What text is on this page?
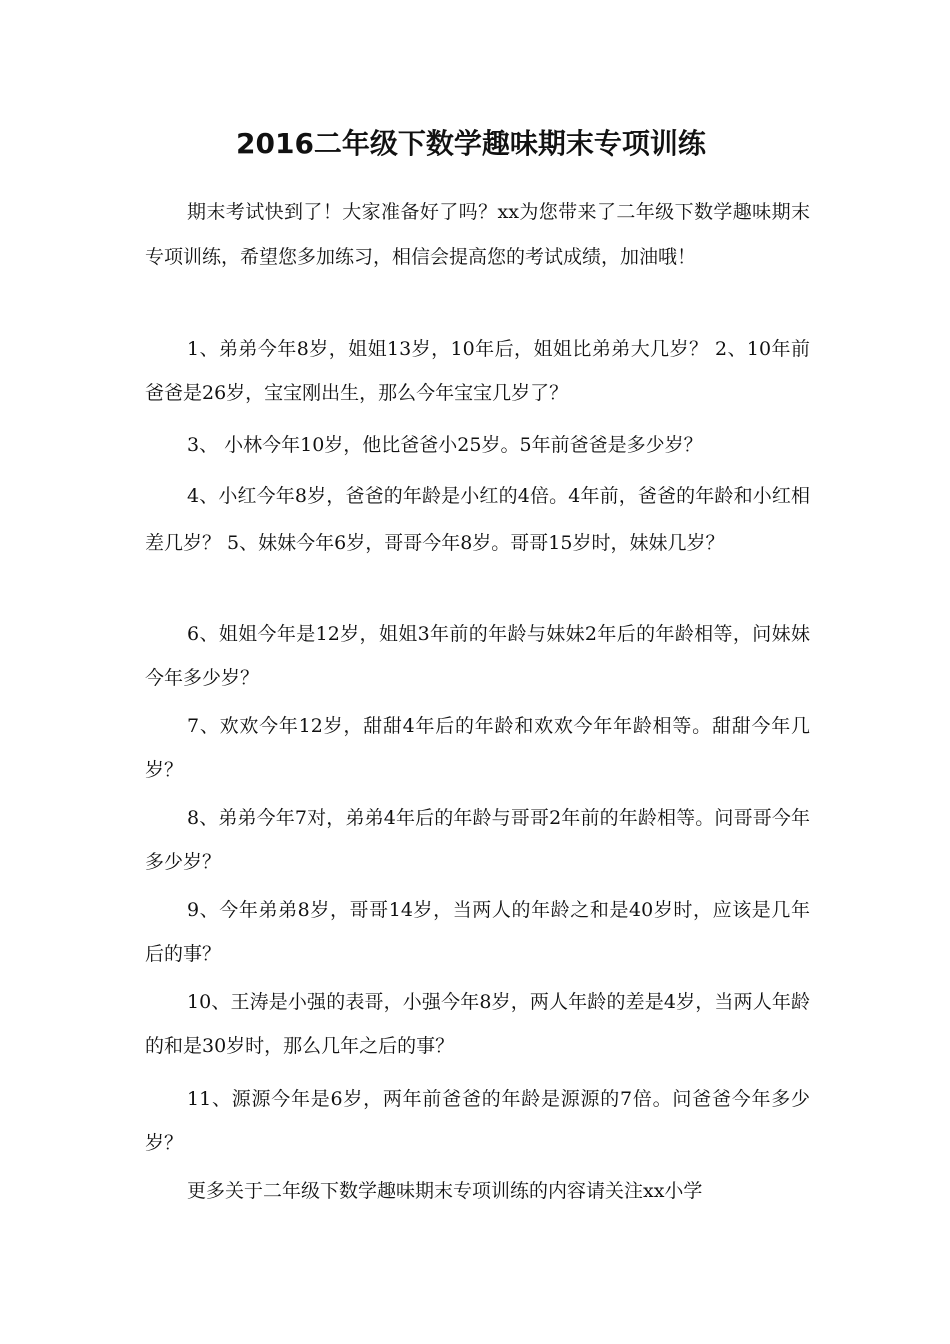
2016二年级下数学趣味期末专项训练

期末考试快到了！大家准备好了吗？xx为您带来了二年级下数学趣味期末专项训练，希望您多加练习，相信会提高您的考试成绩，加油哦！

1、弟弟今年8岁，姐姐13岁，10年后，姐姐比弟弟大几岁？ 2、10年前爸爸是26岁，宝宝刚出生，那么今年宝宝几岁了？

3、 小林今年10岁，他比爸爸小25岁。5年前爸爸是多少岁？

4、小红今年8岁，爸爸的年龄是小红的4倍。4年前，爸爸的年龄和小红相差几岁？ 5、妹妹今年6岁，哥哥今年8岁。哥哥15岁时，妹妹几岁？

6、姐姐今年是12岁，姐姐3年前的年龄与妹妹2年后的年龄相等，问妹妹今年多少岁？

7、欢欢今年12岁，甜甜4年后的年龄和欢欢今年年龄相等。甜甜今年几岁？

8、弟弟今年7对，弟弟4年后的年龄与哥哥2年前的年龄相等。问哥哥今年多少岁？

9、今年弟弟8岁，哥哥14岁，当两人的年龄之和是40岁时，应该是几年后的事？

10、王涛是小强的表哥，小强今年8岁，两人年龄的差是4岁，当两人年龄的和是30岁时，那么几年之后的事？

11、源源今年是6岁，两年前爸爸的年龄是源源的7倍。问爸爸今年多少岁？

更多关于二年级下数学趣味期末专项训练的内容请关注xx小学
